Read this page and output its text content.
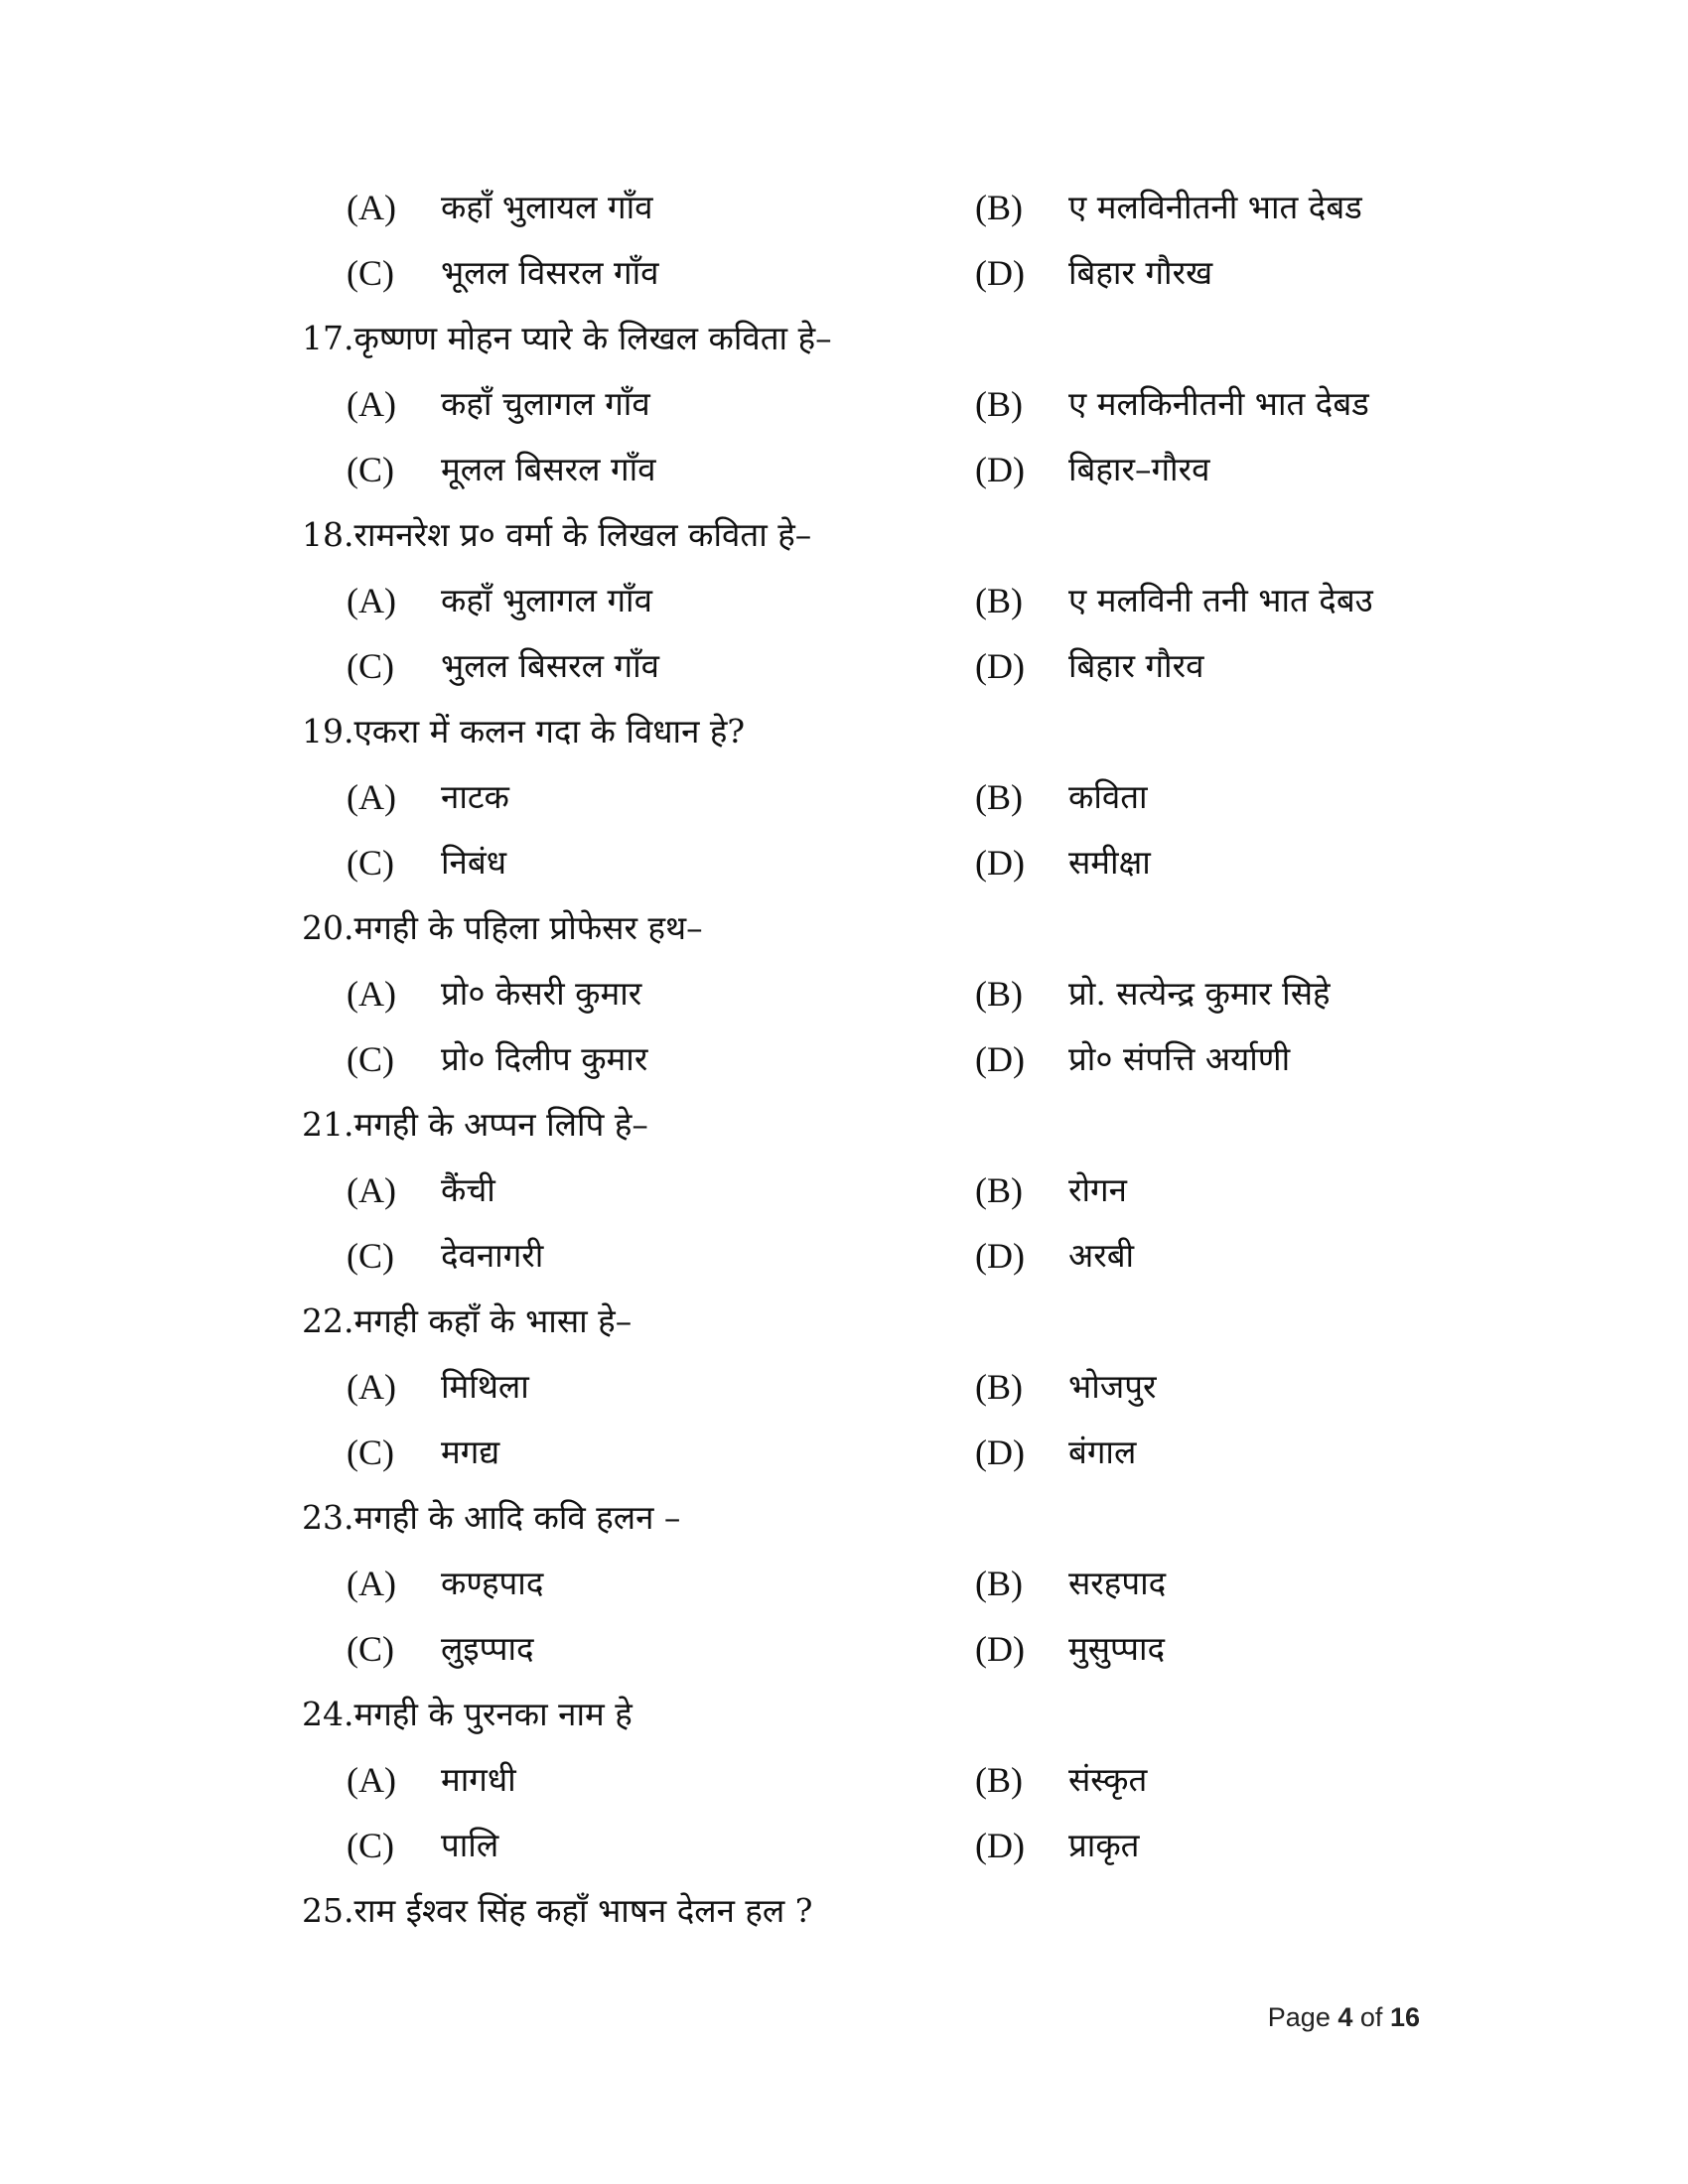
(A) कहाँ भुलायल गाँव	(B) ए मलविनीतनी भात देबड
(C) भूलल विसरल गाँव	(D) बिहार गौरख
17.कृष्णण मोहन प्यारे के लिखल कविता हे–
(A) कहाँ चुलागल गाँव	(B) ए मलकिनीतनी भात देबड
(C) मूलल बिसरल गाँव	(D) बिहार–गौरव
18.रामनरेश प्र० वर्मा के लिखल कविता हे–
(A) कहाँ भुलागल गाँव	(B) ए मलविनी तनी भात देबउ
(C) भुलल बिसरल गाँव	(D) बिहार गौरव
19.एकरा में कलन गदा के विधान हे?
(A) नाटक	(B) कविता
(C) निबंध	(D) समीक्षा
20.मगही के पहिला प्रोफेसर हथ–
(A) प्रो० केसरी कुमार	(B) प्रो. सत्येन्द्र कुमार सिहे
(C) प्रो० दिलीप कुमार	(D) प्रो० संपत्ति अर्याणी
21.मगही के अप्पन लिपि हे–
(A) कैंची	(B) रोगन
(C) देवनागरी	(D) अरबी
22.मगही कहाँ के भासा हे–
(A) मिथिला	(B) भोजपुर
(C) मगद्य	(D) बंगाल
23.मगही के आदि कवि हलन –
(A) कण्हपाद	(B) सरहपाद
(C) लुइप्पाद	(D) मुसुप्पाद
24.मगही के पुरनका नाम हे
(A) मागधी	(B) संस्कृत
(C) पालि	(D) प्राकृत
25.राम ईश्वर सिंह कहाँ भाषन देलन हल ?
Page 4 of 16
